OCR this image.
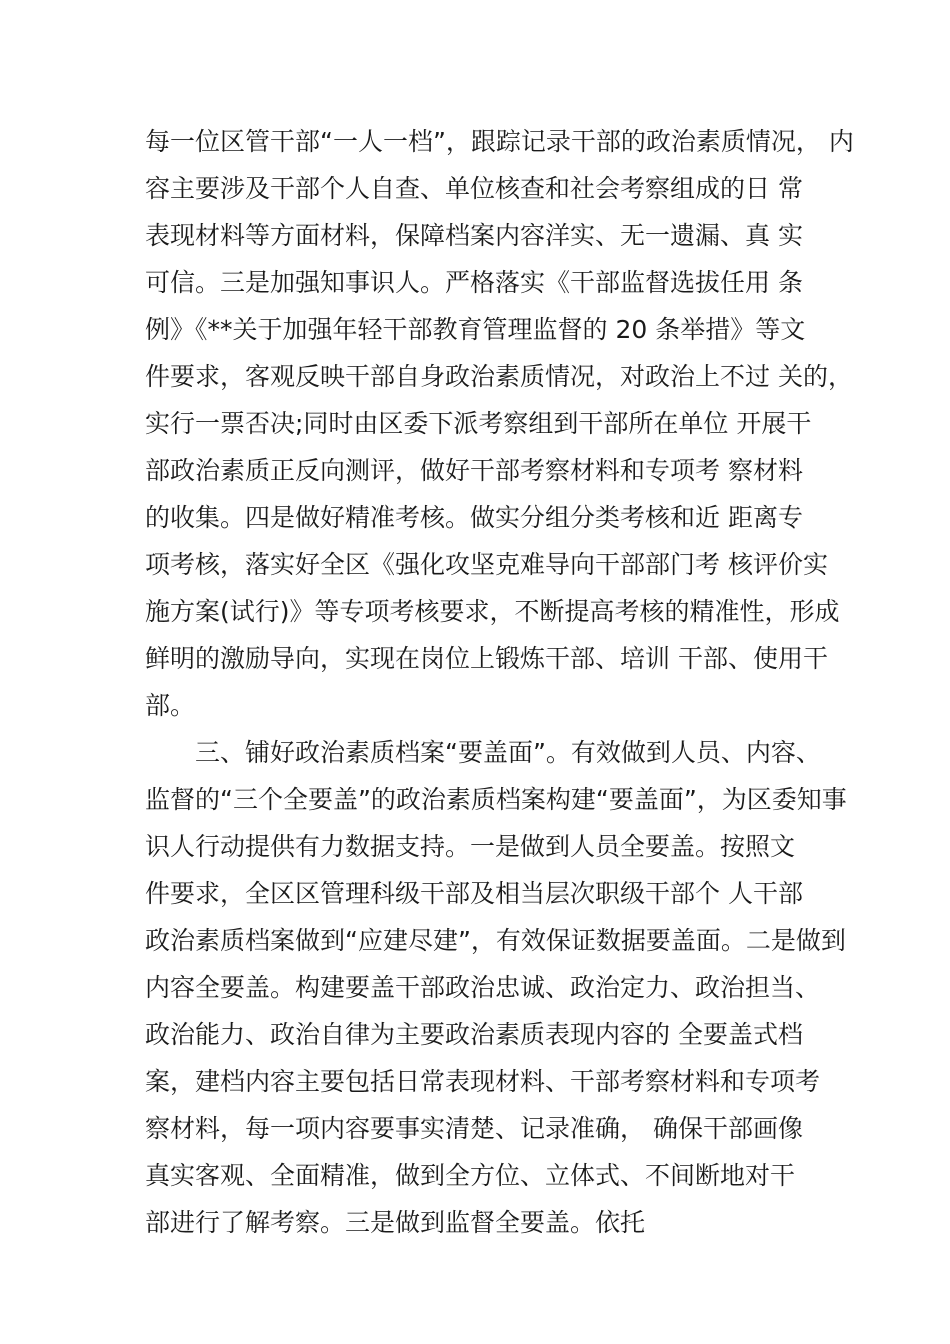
每一位区管干部“一人一档”，跟踪记录干部的政治素质情况， 内
容主要涉及干部个人自查、单位核查和社会考察组成的日 常
表现材料等方面材料，保障档案内容洋实、无一遗漏、真 实
可信。三是加强知事识人。严格落实《干部监督选拔任用 条
例》《**关于加强年轻干部教育管理监督的 20 条举措》等文
件要求，客观反映干部自身政治素质情况，对政治上不过 关的，
实行一票否决;同时由区委下派考察组到干部所在单位 开展干
部政治素质正反向测评，做好干部考察材料和专项考 察材料
的收集。四是做好精准考核。做实分组分类考核和近 距离专
项考核，落实好全区《强化攻坚克难导向干部部门考 核评价实
施方案(试行)》等专项考核要求，不断提高考核的精准性，形成
鲜明的激励导向，实现在岗位上锻炼干部、培训 干部、使用干
部。
三、铺好政治素质档案“要盖面”。有效做到人员、内容、
监督的“三个全要盖”的政治素质档案构建“要盖面”，为区委知事
识人行动提供有力数据支持。一是做到人员全要盖。按照文
件要求，全区区管理科级干部及相当层次职级干部个 人干部
政治素质档案做到“应建尽建”，有效保证数据要盖面。二是做到
内容全要盖。构建要盖干部政治忠诚、政治定力、政治担当、
政治能力、政治自律为主要政治素质表现内容的 全要盖式档
案，建档内容主要包括日常表现材料、干部考察材料和专项考
察材料，每一项内容要事实清楚、记录准确， 确保干部画像
真实客观、全面精准，做到全方位、立体式、不间断地对干
部进行了解考察。三是做到监督全要盖。依托
